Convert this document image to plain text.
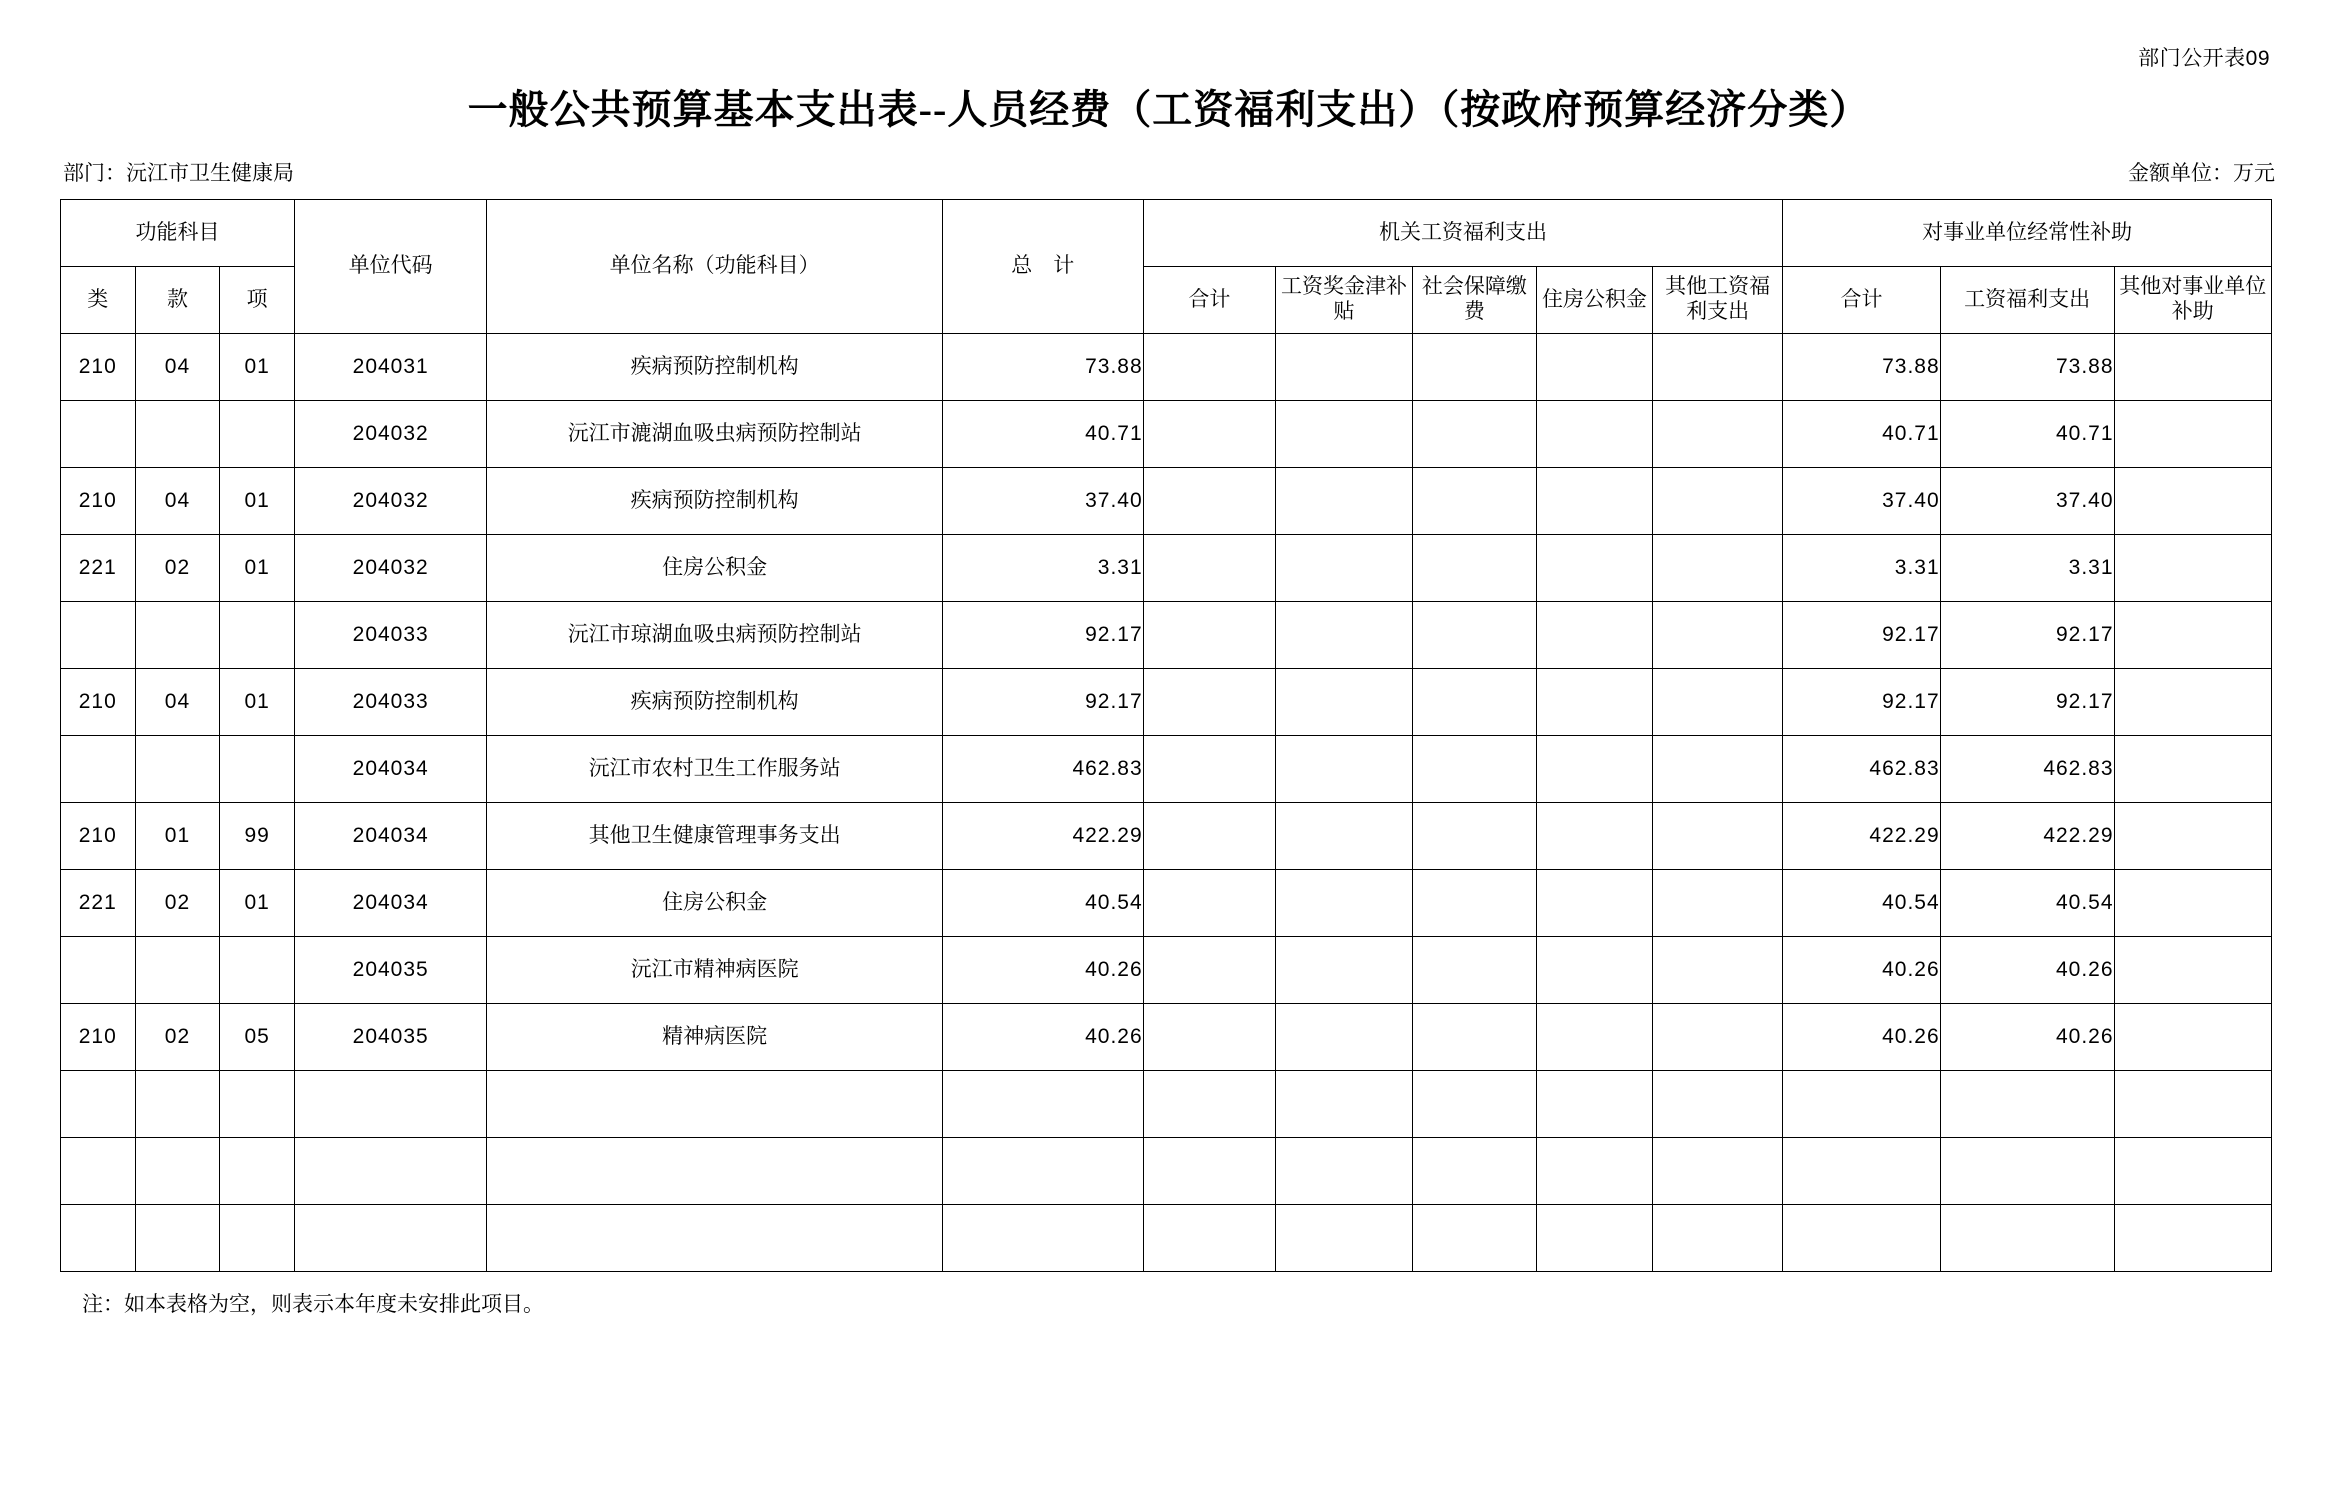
部门公开表09
一般公共预算基本支出表--人员经费（工资福利支出）（按政府预算经济分类）
部门：沅江市卫生健康局	金额单位：万元
功能科目			单位代码	单位名称（功能科目）	总　计	机关工资福利支出					对事业单位经常性补助		
类	款	项				合计	工资奖金津补贴	社会保障缴费	住房公积金	其他工资福利支出	合计	工资福利支出	其他对事业单位补助
210	04	01	204031	疾病预防控制机构	73.88						73.88	73.88	
			204032	沅江市漉湖血吸虫病预防控制站	40.71						40.71	40.71	
210	04	01	204032	疾病预防控制机构	37.40						37.40	37.40	
221	02	01	204032	住房公积金	3.31						3.31	3.31	
			204033	沅江市琼湖血吸虫病预防控制站	92.17						92.17	92.17	
210	04	01	204033	疾病预防控制机构	92.17						92.17	92.17	
			204034	沅江市农村卫生工作服务站	462.83						462.83	462.83	
210	01	99	204034	其他卫生健康管理事务支出	422.29						422.29	422.29	
221	02	01	204034	住房公积金	40.54						40.54	40.54	
			204035	沅江市精神病医院	40.26						40.26	40.26	
210	02	05	204035	精神病医院	40.26						40.26	40.26	

注：如本表格为空，则表示本年度未安排此项目。
